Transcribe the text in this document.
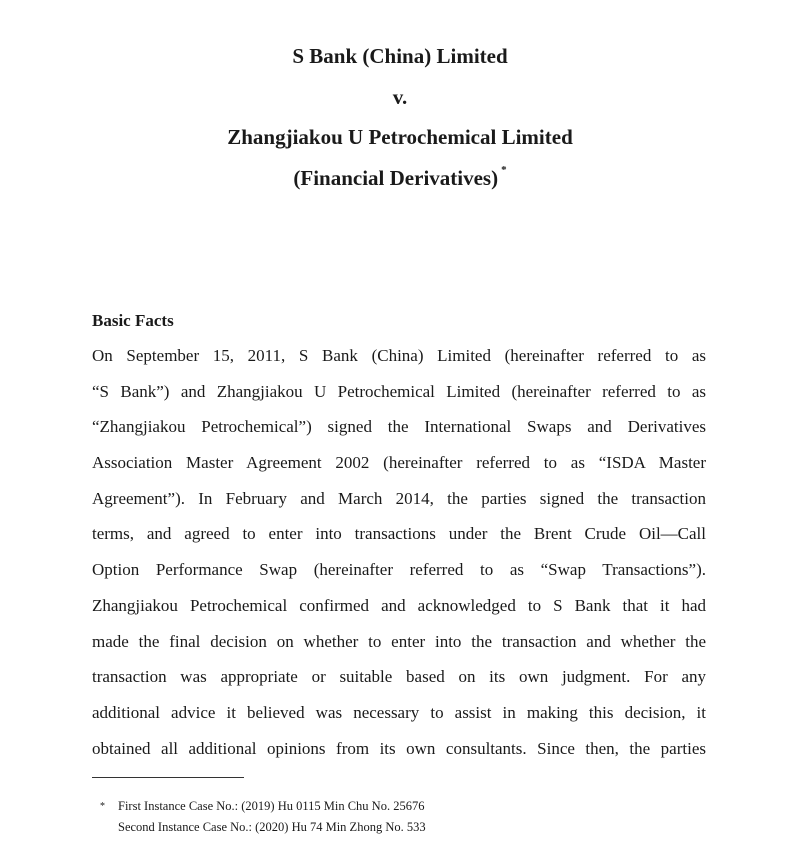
S Bank (China) Limited
v.
Zhangjiakou U Petrochemical Limited
(Financial Derivatives) *
Basic Facts
On September 15, 2011, S Bank (China) Limited (hereinafter referred to as
“S Bank”) and Zhangjiakou U Petrochemical Limited (hereinafter referred to as
“Zhangjiakou Petrochemical”) signed the International Swaps and Derivatives
Association Master Agreement 2002 (hereinafter referred to as “ISDA Master
Agreement”). In February and March 2014, the parties signed the transaction
terms, and agreed to enter into transactions under the Brent Crude Oil—Call
Option Performance Swap (hereinafter referred to as “Swap Transactions”).
Zhangjiakou Petrochemical confirmed and acknowledged to S Bank that it had
made the final decision on whether to enter into the transaction and whether the
transaction was appropriate or suitable based on its own judgment. For any
additional advice it believed was necessary to assist in making this decision, it
obtained all additional opinions from its own consultants. Since then, the parties
* First Instance Case No.: (2019) Hu 0115 Min Chu No. 25676
Second Instance Case No.: (2020) Hu 74 Min Zhong No. 533
